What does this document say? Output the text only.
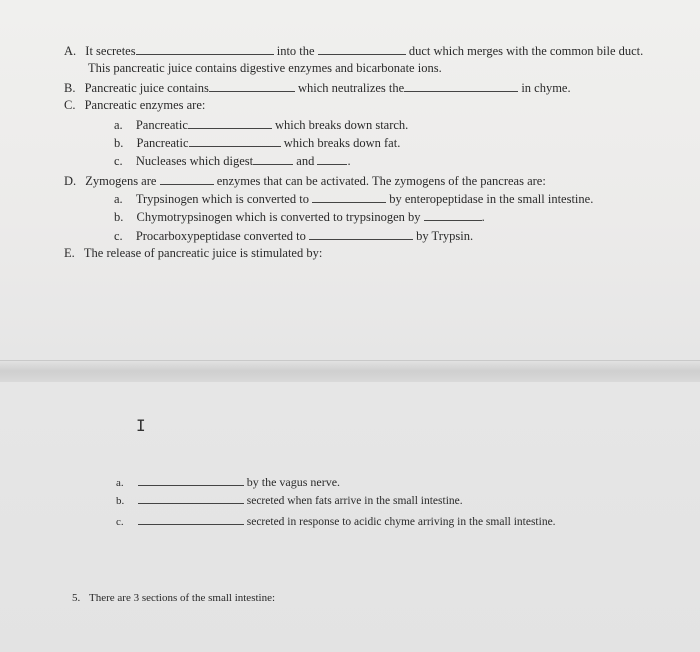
A. It secretes	into the	duct which merges with the common bile duct.
This pancreatic juice contains digestive enzymes and bicarbonate ions.
B. Pancreatic juice contains	which neutralizes the	in chyme.
C. Pancreatic enzymes are:
a. Pancreatic	which breaks down starch.
b. Pancreatic	which breaks down fat.
c. Nucleases which digest	and	.
D. Zymogens are	enzymes that can be activated. The zymogens of the pancreas are:
a. Trypsinogen which is converted to	by enteropeptidase in the small intestine.
b. Chymotrypsinogen which is converted to trypsinogen by	.
c. Procarboxypeptidase converted to	by Trypsin.
E. The release of pancreatic juice is stimulated by:
I
a.	by the vagus nerve.
b.	secreted when fats arrive in the small intestine.
c.	secreted in response to acidic chyme arriving in the small intestine.
5. There are 3 sections of the small intestine:
